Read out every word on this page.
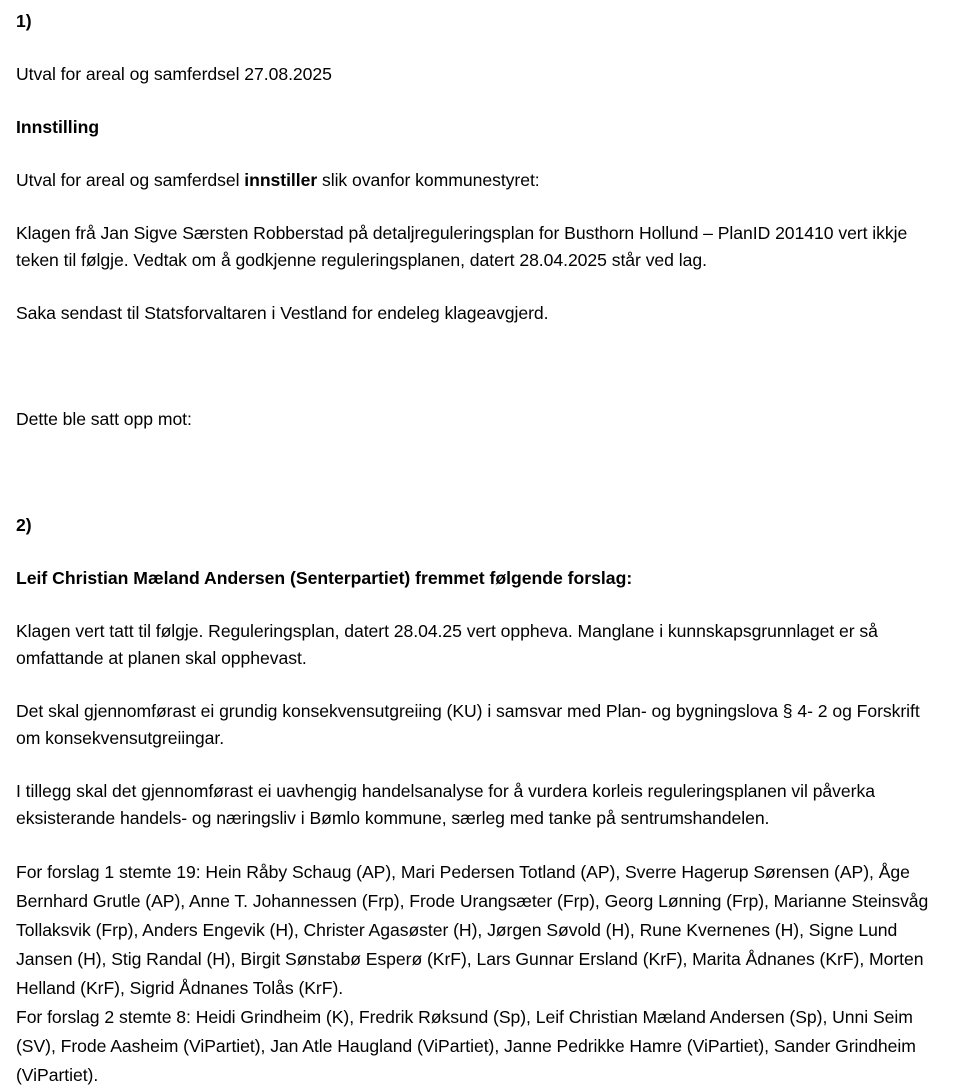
1)

Utval for areal og samferdsel 27.08.2025

Innstilling

Utval for areal og samferdsel innstiller slik ovanfor kommunestyret:

Klagen frå Jan Sigve Særsten Robberstad på detaljreguleringsplan for Busthorn Hollund – PlanID 201410 vert ikkje teken til følgje. Vedtak om å godkjenne reguleringsplanen, datert 28.04.2025 står ved lag.

Saka sendast til Statsforvaltaren i Vestland for endeleg klageavgjerd.

Dette ble satt opp mot:

2)

Leif Christian Mæland Andersen (Senterpartiet) fremmet følgende forslag:

Klagen vert tatt til følgje. Reguleringsplan, datert 28.04.25 vert oppheva. Manglane i kunnskapsgrunnlaget er så omfattande at planen skal opphevast.

Det skal gjennomførast ei grundig konsekvensutgreiing (KU) i samsvar med Plan- og bygningslova § 4- 2 og Forskrift om konsekvensutgreiingar.

I tillegg skal det gjennomførast ei uavhengig handelsanalyse for å vurdera korleis reguleringsplanen vil påverka eksisterande handels- og næringsliv i Bømlo kommune, særleg med tanke på sentrumshandelen.

For forslag 1 stemte 19: Hein Råby Schaug (AP), Mari Pedersen Totland (AP), Sverre Hagerup Sørensen (AP), Åge Bernhard Grutle (AP), Anne T. Johannessen (Frp), Frode Urangsæter (Frp), Georg Lønning (Frp), Marianne Steinsvåg Tollaksvik (Frp), Anders Engevik (H), Christer Agasøster (H), Jørgen Søvold (H), Rune Kvernenes (H), Signe Lund Jansen (H), Stig Randal (H), Birgit Sønstabø Esperø (KrF), Lars Gunnar Ersland (KrF), Marita Ådnanes (KrF), Morten Helland (KrF), Sigrid Ådnanes Tolås (KrF).

For forslag 2 stemte 8: Heidi Grindheim (K), Fredrik Røksund (Sp), Leif Christian Mæland Andersen (Sp), Unni Seim (SV), Frode Aasheim (ViPartiet), Jan Atle Haugland (ViPartiet), Janne Pedrikke Hamre (ViPartiet), Sander Grindheim (ViPartiet).
